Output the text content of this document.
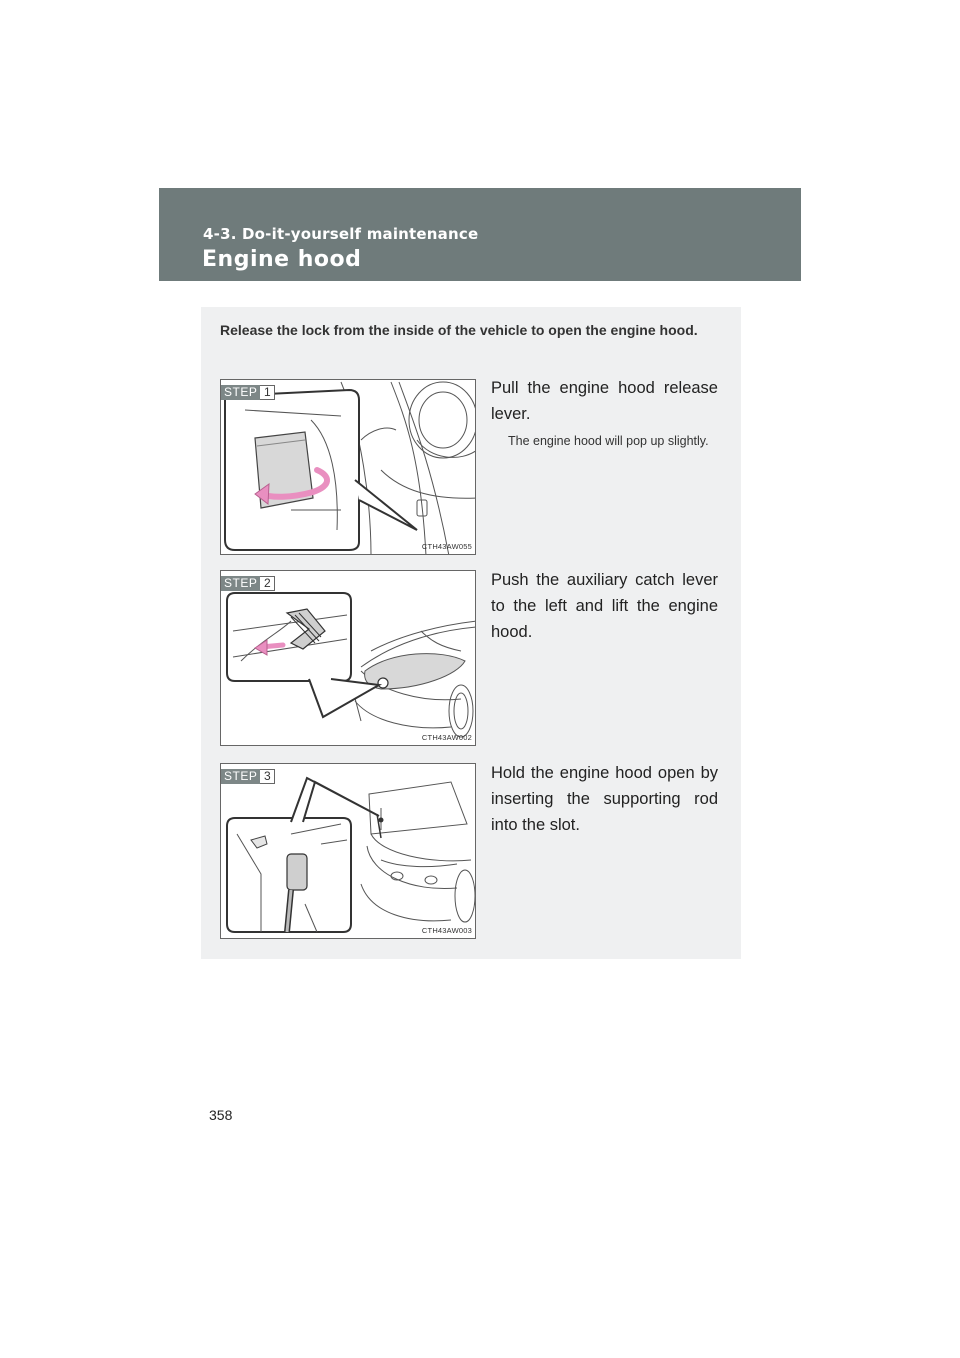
4-3. Do-it-yourself maintenance
Engine hood
Release the lock from the inside of the vehicle to open the engine hood.
STEP 1
CTH43AW055
Pull the engine hood release lever.
The engine hood will pop up slightly.
STEP 2
CTH43AW002
Push the auxiliary catch lever to the left and lift the engine hood.
STEP 3
CTH43AW003
Hold the engine hood open by inserting the supporting rod into the slot.
358
